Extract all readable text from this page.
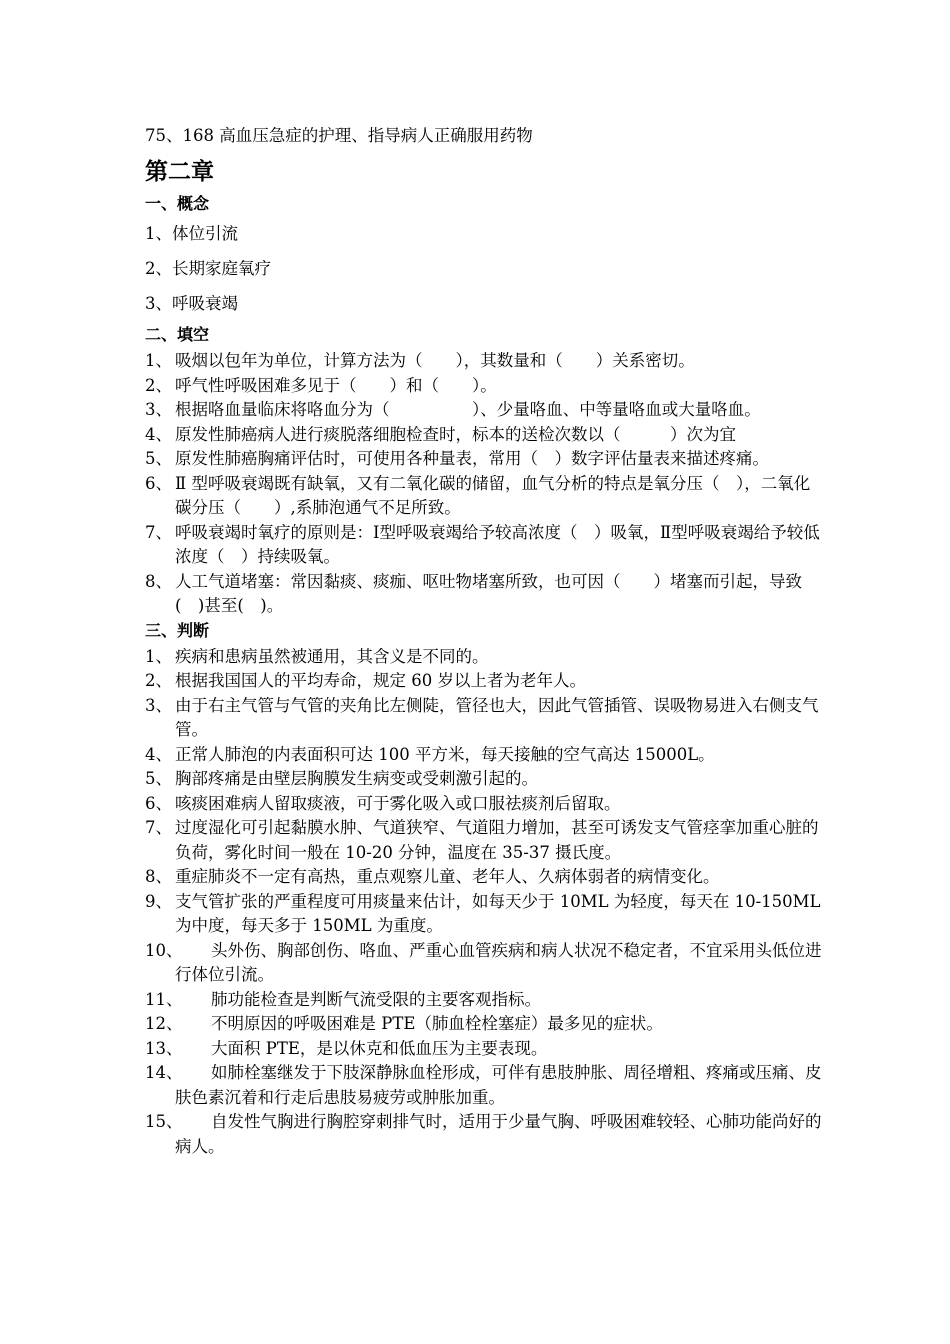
75、168 高血压急症的护理、指导病人正确服用药物

第二章
一、概念
1、体位引流
2、长期家庭氧疗
3、呼吸衰竭
二、填空
1、 吸烟以包年为单位，计算方法为（　　），其数量和（　　）关系密切。
2、 呼气性呼吸困难多见于（　　）和（　　）。
3、 根据咯血量临床将咯血分为（　　　　　）、少量咯血、中等量咯血或大量咯血。
4、 原发性肺癌病人进行痰脱落细胞检查时，标本的送检次数以（　　　）次为宜
5、 原发性肺癌胸痛评估时，可使用各种量表，常用（　）数字评估量表来描述疼痛。
6、 Ⅱ 型呼吸衰竭既有缺氧，又有二氧化碳的储留，血气分析的特点是氧分压（　），二氧化碳分压（　　）,系肺泡通气不足所致。
7、 呼吸衰竭时氧疗的原则是：Ⅰ型呼吸衰竭给予较高浓度（　）吸氧，Ⅱ型呼吸衰竭给予较低浓度（　）持续吸氧。
8、 人工气道堵塞：常因黏痰、痰痂、呕吐物堵塞所致，也可因（　　）堵塞而引起，导致(　)甚至(　)。
三、判断
1、 疾病和患病虽然被通用，其含义是不同的。
2、 根据我国国人的平均寿命，规定 60 岁以上者为老年人。
3、 由于右主气管与气管的夹角比左侧陡，管径也大，因此气管插管、误吸物易进入右侧支气管。
4、 正常人肺泡的内表面积可达 100 平方米，每天接触的空气高达 15000L。
5、 胸部疼痛是由壁层胸膜发生病变或受刺激引起的。
6、 咳痰困难病人留取痰液，可于雾化吸入或口服祛痰剂后留取。
7、 过度湿化可引起黏膜水肿、气道狭窄、气道阻力增加，甚至可诱发支气管痉挛加重心脏的负荷，雾化时间一般在 10-20 分钟，温度在 35-37 摄氏度。
8、 重症肺炎不一定有高热，重点观察儿童、老年人、久病体弱者的病情变化。
9、 支气管扩张的严重程度可用痰量来估计，如每天少于 10ML 为轻度，每天在 10-150ML 为中度，每天多于 150ML 为重度。
10、 头外伤、胸部创伤、咯血、严重心血管疾病和病人状况不稳定者，不宜采用头低位进行体位引流。
11、 肺功能检查是判断气流受限的主要客观指标。
12、 不明原因的呼吸困难是 PTE（肺血栓栓塞症）最多见的症状。
13、 大面积 PTE，是以休克和低血压为主要表现。
14、 如肺栓塞继发于下肢深静脉血栓形成，可伴有患肢肿胀、周径增粗、疼痛或压痛、皮肤色素沉着和行走后患肢易疲劳或肿胀加重。
15、 自发性气胸进行胸腔穿刺排气时，适用于少量气胸、呼吸困难较轻、心肺功能尚好的病人。
